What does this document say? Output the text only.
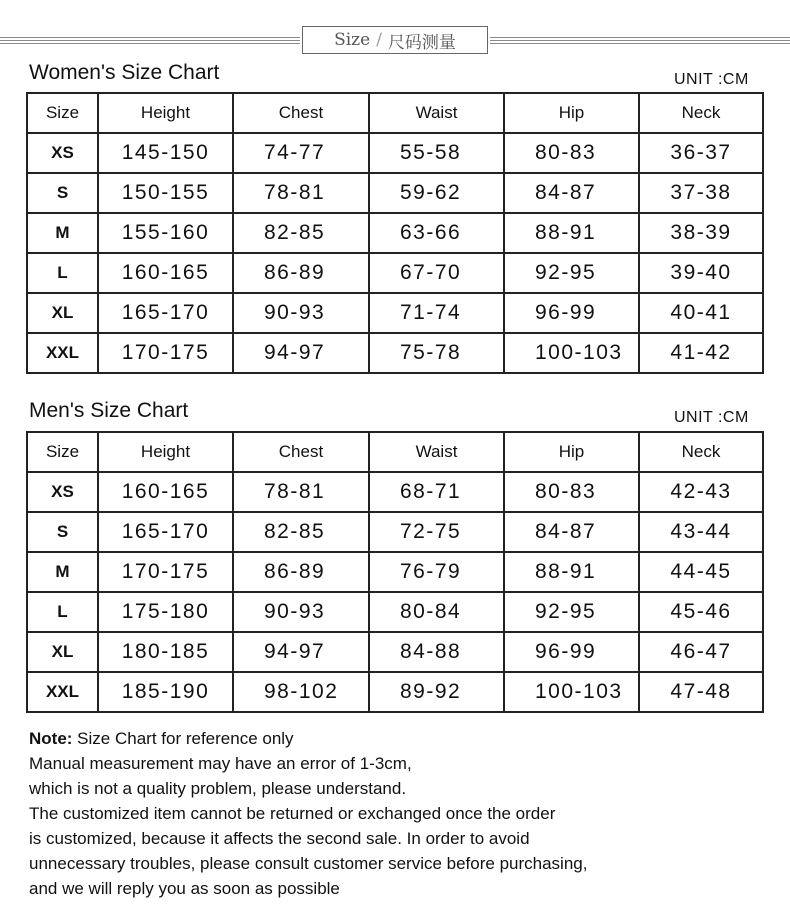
Size / 尺码测量
Women's Size Chart	UNIT :CM
Size	Height	Chest	Waist	Hip	Neck
XS	145-150	74-77	55-58	80-83	36-37
S	150-155	78-81	59-62	84-87	37-38
M	155-160	82-85	63-66	88-91	38-39
L	160-165	86-89	67-70	92-95	39-40
XL	165-170	90-93	71-74	96-99	40-41
XXL	170-175	94-97	75-78	100-103	41-42
Men's Size Chart	UNIT :CM
Size	Height	Chest	Waist	Hip	Neck
XS	160-165	78-81	68-71	80-83	42-43
S	165-170	82-85	72-75	84-87	43-44
M	170-175	86-89	76-79	88-91	44-45
L	175-180	90-93	80-84	92-95	45-46
XL	180-185	94-97	84-88	96-99	46-47
XXL	185-190	98-102	89-92	100-103	47-48
Note: Size Chart for reference only
Manual measurement may have an error of 1-3cm,
which is not a quality problem, please understand.
The customized item cannot be returned or exchanged once the order
is customized, because it affects the second sale. In order to avoid
unnecessary troubles, please consult customer service before purchasing,
and we will reply you as soon as possible
